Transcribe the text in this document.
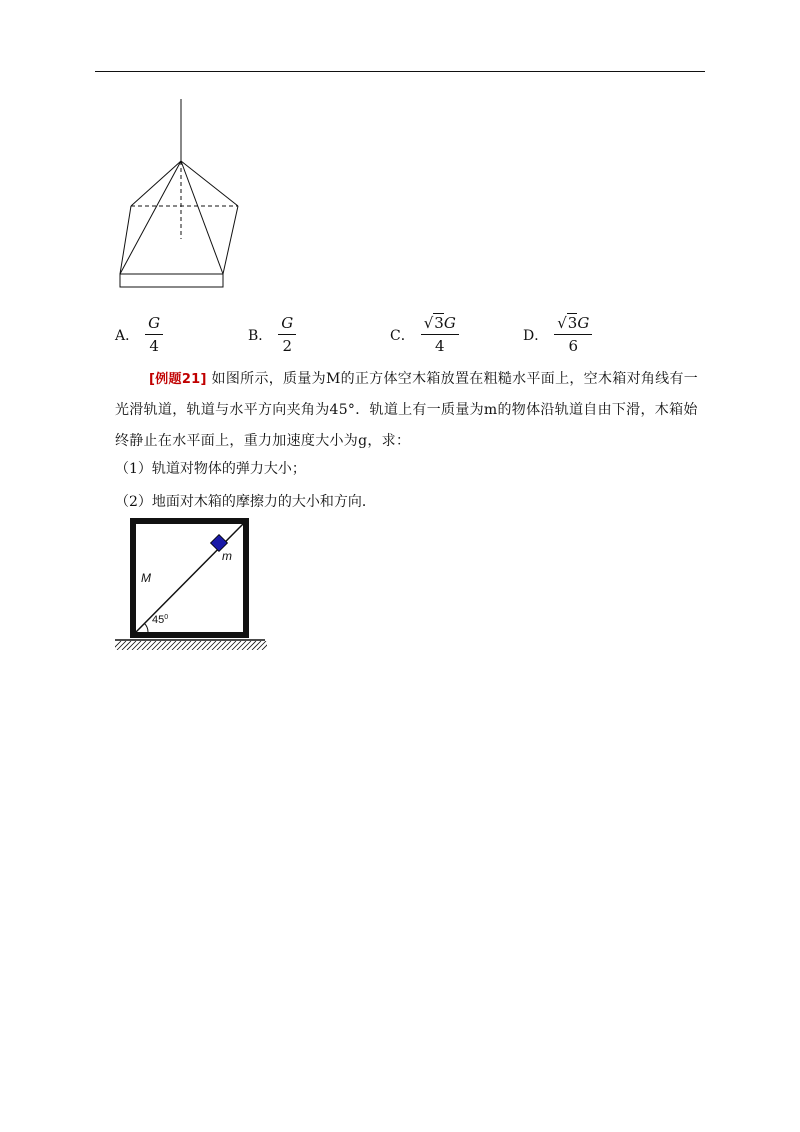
A． $\frac{G}{4}$	B． $\frac{G}{2}$	C． $\frac{√3G}{4}$	D． $\frac{√3G}{6}$
[例题21] 如图所示，质量为M的正方体空木箱放置在粗糙水平面上，空木箱对角线有一光滑轨道，轨道与水平方向夹角为45°．轨道上有一质量为m的物体沿轨道自由下滑，木箱始终静止在水平面上，重力加速度大小为g，求：
（1）轨道对物体的弹力大小；
（2）地面对木箱的摩擦力的大小和方向．
M
m
$45^0$
